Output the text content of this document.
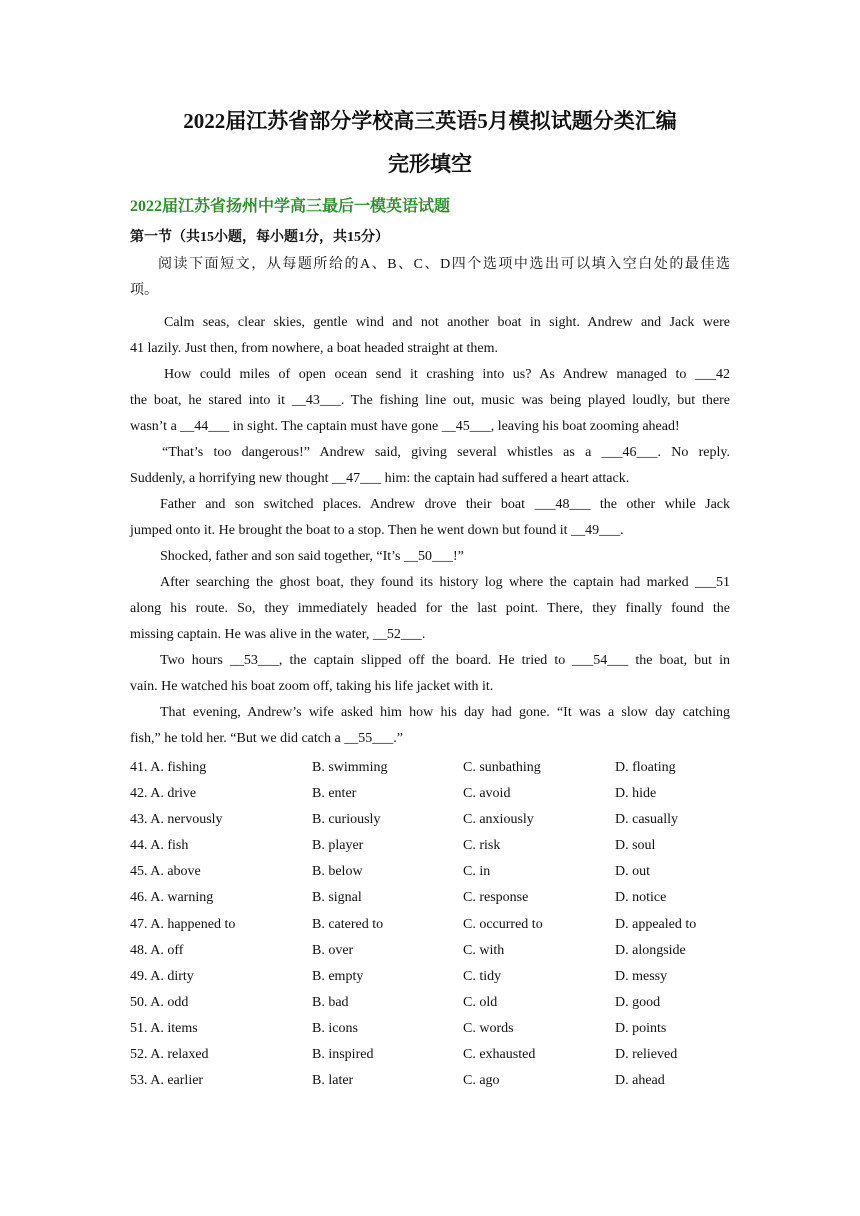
2022届江苏省部分学校高三英语5月模拟试题分类汇编
完形填空
2022届江苏省扬州中学高三最后一模英语试题
第一节（共15小题，每小题1分，共15分）
阅读下面短文，从每题所给的A、B、C、D四个选项中选出可以填入空白处的最佳选
项。
Calm seas, clear skies, gentle wind and not another boat in sight. Andrew and Jack were
41 lazily. Just then, from nowhere, a boat headed straight at them.
How could miles of open ocean send it crashing into us? As Andrew managed to ___42
the boat, he stared into it __43___. The fishing line out, music was being played loudly, but there
wasn’t a __44___ in sight. The captain must have gone __45___, leaving his boat zooming ahead!
“That’s too dangerous!” Andrew said, giving several whistles as a ___46___. No reply.
Suddenly, a horrifying new thought __47___ him: the captain had suffered a heart attack.
Father and son switched places. Andrew drove their boat ___48___ the other while Jack
jumped onto it. He brought the boat to a stop. Then he went down but found it __49___.
Shocked, father and son said together, “It’s __50___!”
After searching the ghost boat, they found its history log where the captain had marked ___51
along his route. So, they immediately headed for the last point. There, they finally found the
missing captain. He was alive in the water, __52___.
Two hours __53___, the captain slipped off the board. He tried to ___54___ the boat, but in
vain. He watched his boat zoom off, taking his life jacket with it.
That evening, Andrew’s wife asked him how his day had gone. “It was a slow day catching
fish,” he told her. “But we did catch a __55___.”
41. A. fishing	B. swimming	C. sunbathing	D. floating
42. A. drive	B. enter	C. avoid	D. hide
43. A. nervously	B. curiously	C. anxiously	D. casually
44. A. fish	B. player	C. risk	D. soul
45. A. above	B. below	C. in	D. out
46. A. warning	B. signal	C. response	D. notice
47. A. happened to	B. catered to	C. occurred to	D. appealed to
48. A. off	B. over	C. with	D. alongside
49. A. dirty	B. empty	C. tidy	D. messy
50. A. odd	B. bad	C. old	D. good
51. A. items	B. icons	C. words	D. points
52. A. relaxed	B. inspired	C. exhausted	D. relieved
53. A. earlier	B. later	C. ago	D. ahead
